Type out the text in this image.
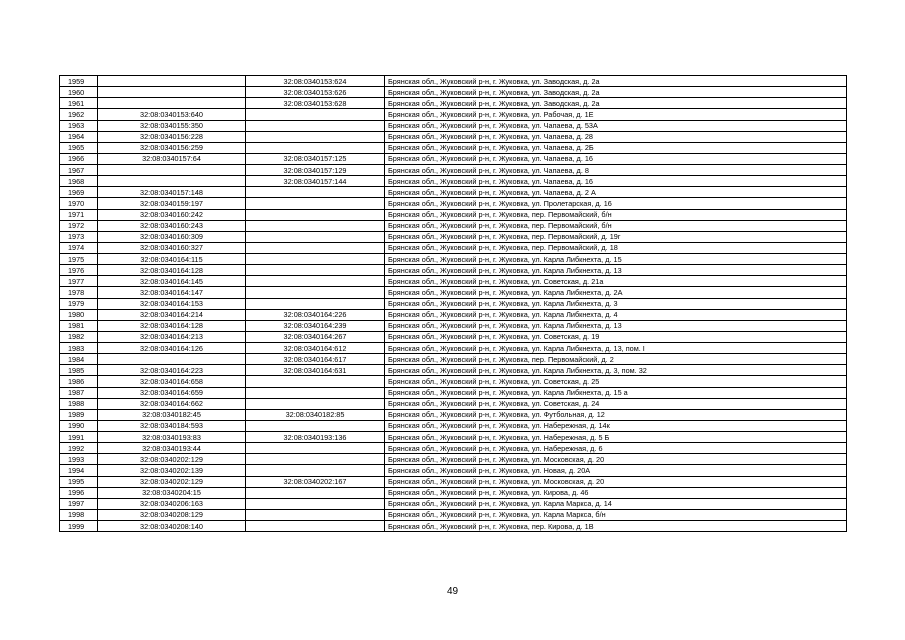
1959		32:08:0340153:624	Брянская обл., Жуковский р-н, г. Жуковка, ул. Заводская, д. 2а
1960		32:08:0340153:626	Брянская обл., Жуковский р-н, г. Жуковка, ул. Заводская, д. 2а
1961		32:08:0340153:628	Брянская обл., Жуковский р-н, г. Жуковка, ул. Заводская, д. 2а
1962	32:08:0340153:640		Брянская обл., Жуковский р-н, г. Жуковка, ул. Рабочая, д. 1Е
1963	32:08:0340155:350		Брянская обл., Жуковский р-н, г. Жуковка, ул. Чапаева, д. 53А
1964	32:08:0340156:228		Брянская обл., Жуковский р-н, г. Жуковка, ул. Чапаева, д. 28
1965	32:08:0340156:259		Брянская обл., Жуковский р-н, г. Жуковка, ул. Чапаева, д. 2Б
1966	32:08:0340157:64	32:08:0340157:125	Брянская обл., Жуковский р-н, г. Жуковка, ул. Чапаева, д. 16
1967		32:08:0340157:129	Брянская обл., Жуковский р-н, г. Жуковка, ул. Чапаева, д. 8
1968		32:08:0340157:144	Брянская обл., Жуковский р-н, г. Жуковка, ул. Чапаева, д. 16
1969	32:08:0340157:148		Брянская обл., Жуковский р-н, г. Жуковка, ул. Чапаева, д. 2 А
1970	32:08:0340159:197		Брянская обл., Жуковский р-н, г. Жуковка, ул. Пролетарская, д. 16
1971	32:08:0340160:242		Брянская обл., Жуковский р-н, г. Жуковка, пер. Первомайский, б/н
1972	32:08:0340160:243		Брянская обл., Жуковский р-н, г. Жуковка, пер. Первомайский, б/н
1973	32:08:0340160:309		Брянская обл., Жуковский р-н, г. Жуковка, пер. Первомайский, д. 19г
1974	32:08:0340160:327		Брянская обл., Жуковский р-н, г. Жуковка, пер. Первомайский, д. 18
1975	32:08:0340164:115		Брянская обл., Жуковский р-н, г. Жуковка, ул. Карла Либкнехта, д. 15
1976	32:08:0340164:128		Брянская обл., Жуковский р-н, г. Жуковка, ул. Карла Либкнехта, д. 13
1977	32:08:0340164:145		Брянская обл., Жуковский р-н, г. Жуковка, ул. Советская, д. 21а
1978	32:08:0340164:147		Брянская обл., Жуковский р-н, г. Жуковка, ул. Карла Либкнехта, д. 2А
1979	32:08:0340164:153		Брянская обл., Жуковский р-н, г. Жуковка, ул. Карла Либкнехта, д. 3
1980	32:08:0340164:214	32:08:0340164:226	Брянская обл., Жуковский р-н, г. Жуковка, ул. Карла Либкнехта, д. 4
1981	32:08:0340164:128	32:08:0340164:239	Брянская обл., Жуковский р-н, г. Жуковка, ул. Карла Либкнехта, д. 13
1982	32:08:0340164:213	32:08:0340164:267	Брянская обл., Жуковский р-н, г. Жуковка, ул. Советская, д. 19
1983	32:08:0340164:126	32:08:0340164:612	Брянская обл., Жуковский р-н, г. Жуковка, ул. Карла Либкнехта, д. 13, пом. I
1984		32:08:0340164:617	Брянская обл., Жуковский р-н, г. Жуковка, пер. Первомайский, д. 2
1985	32:08:0340164:223	32:08:0340164:631	Брянская обл., Жуковский р-н, г. Жуковка, ул. Карла Либкнехта, д. 3, пом. 32
1986	32:08:0340164:658		Брянская обл., Жуковский р-н, г. Жуковка, ул. Советская, д. 25
1987	32:08:0340164:659		Брянская обл., Жуковский р-н, г. Жуковка, ул. Карла Либкнехта, д. 15 а
1988	32:08:0340164:662		Брянская обл., Жуковский р-н, г. Жуковка, ул. Советская, д. 24
1989	32:08:0340182:45	32:08:0340182:85	Брянская обл., Жуковский р-н, г. Жуковка, ул. Футбольная, д. 12
1990	32:08:0340184:593		Брянская обл., Жуковский р-н, г. Жуковка, ул. Набережная, д. 14к
1991	32:08:0340193:83	32:08:0340193:136	Брянская обл., Жуковский р-н, г. Жуковка, ул. Набережная, д. 5 Б
1992	32:08:0340193:44		Брянская обл., Жуковский р-н, г. Жуковка, ул. Набережная, д. 6
1993	32:08:0340202:129		Брянская обл., Жуковский р-н, г. Жуковка, ул. Московская, д. 20
1994	32:08:0340202:139		Брянская обл., Жуковский р-н, г. Жуковка, ул. Новая, д. 20А
1995	32:08:0340202:129	32:08:0340202:167	Брянская обл., Жуковский р-н, г. Жуковка, ул. Московская, д. 20
1996	32:08:0340204:15		Брянская обл., Жуковский р-н, г. Жуковка, ул. Кирова, д. 46
1997	32:08:0340206:163		Брянская обл., Жуковский р-н, г. Жуковка, ул. Карла Маркса, д. 14
1998	32:08:0340208:129		Брянская обл., Жуковский р-н, г. Жуковка, ул. Карла Маркса, б/н
1999	32:08:0340208:140		Брянская обл., Жуковский р-н, г. Жуковка, пер. Кирова, д. 1В
49
